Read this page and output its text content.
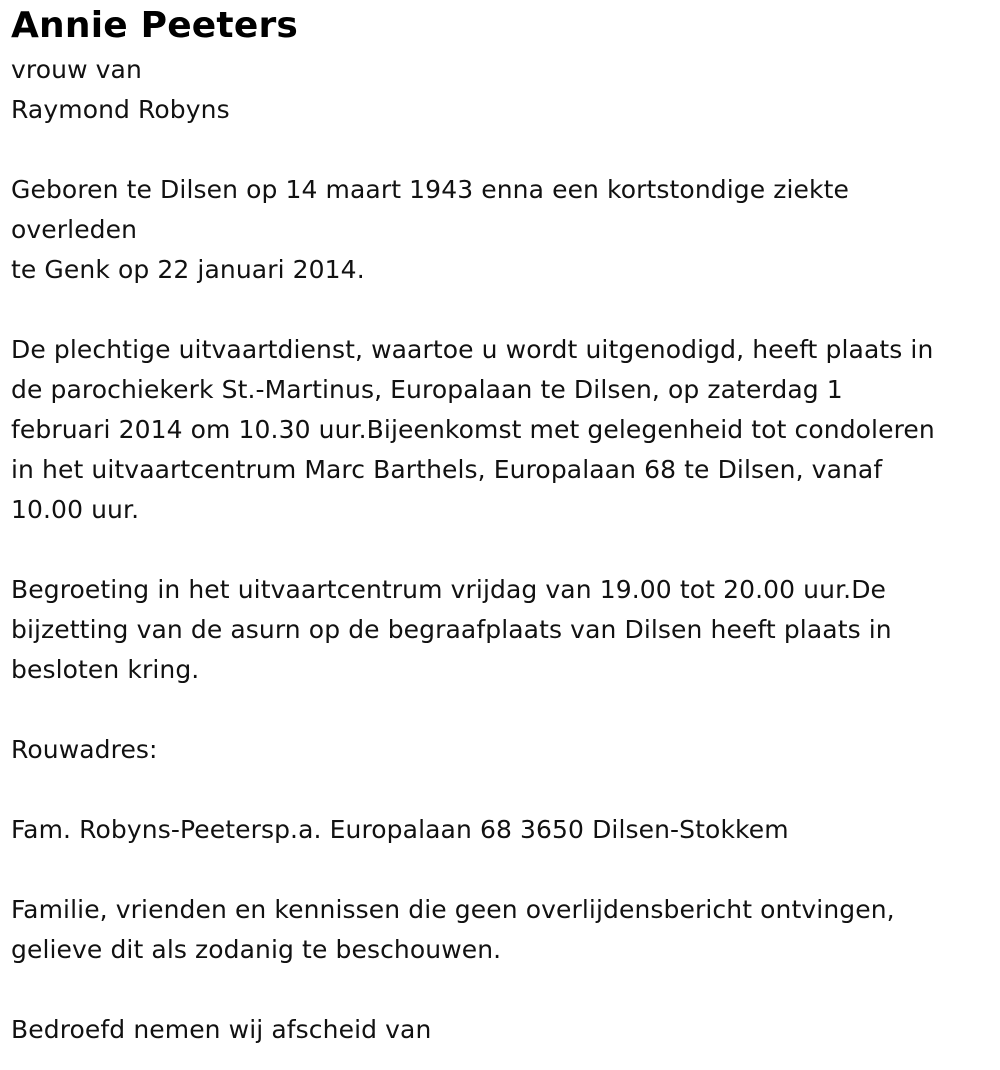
Annie Peeters

vrouw van

Raymond Robyns

Geboren te Dilsen op 14 maart 1943 enna een kortstondige ziekte

overleden

te Genk op 22 januari 2014.

De plechtige uitvaartdienst, waartoe u wordt uitgenodigd, heeft plaats in

de parochiekerk St.-Martinus, Europalaan te Dilsen, op zaterdag 1

februari 2014 om 10.30 uur.Bijeenkomst met gelegenheid tot condoleren

in het uitvaartcentrum Marc Barthels, Europalaan 68 te Dilsen, vanaf

10.00 uur.

Begroeting in het uitvaartcentrum vrijdag van 19.00 tot 20.00 uur.De

bijzetting van de asurn op de begraafplaats van Dilsen heeft plaats in

besloten kring.

Rouwadres:

Fam. Robyns-Peetersp.a. Europalaan 68 3650 Dilsen-Stokkem

Familie, vrienden en kennissen die geen overlijdensbericht ontvingen,

gelieve dit als zodanig te beschouwen.

Bedroefd nemen wij afscheid van
